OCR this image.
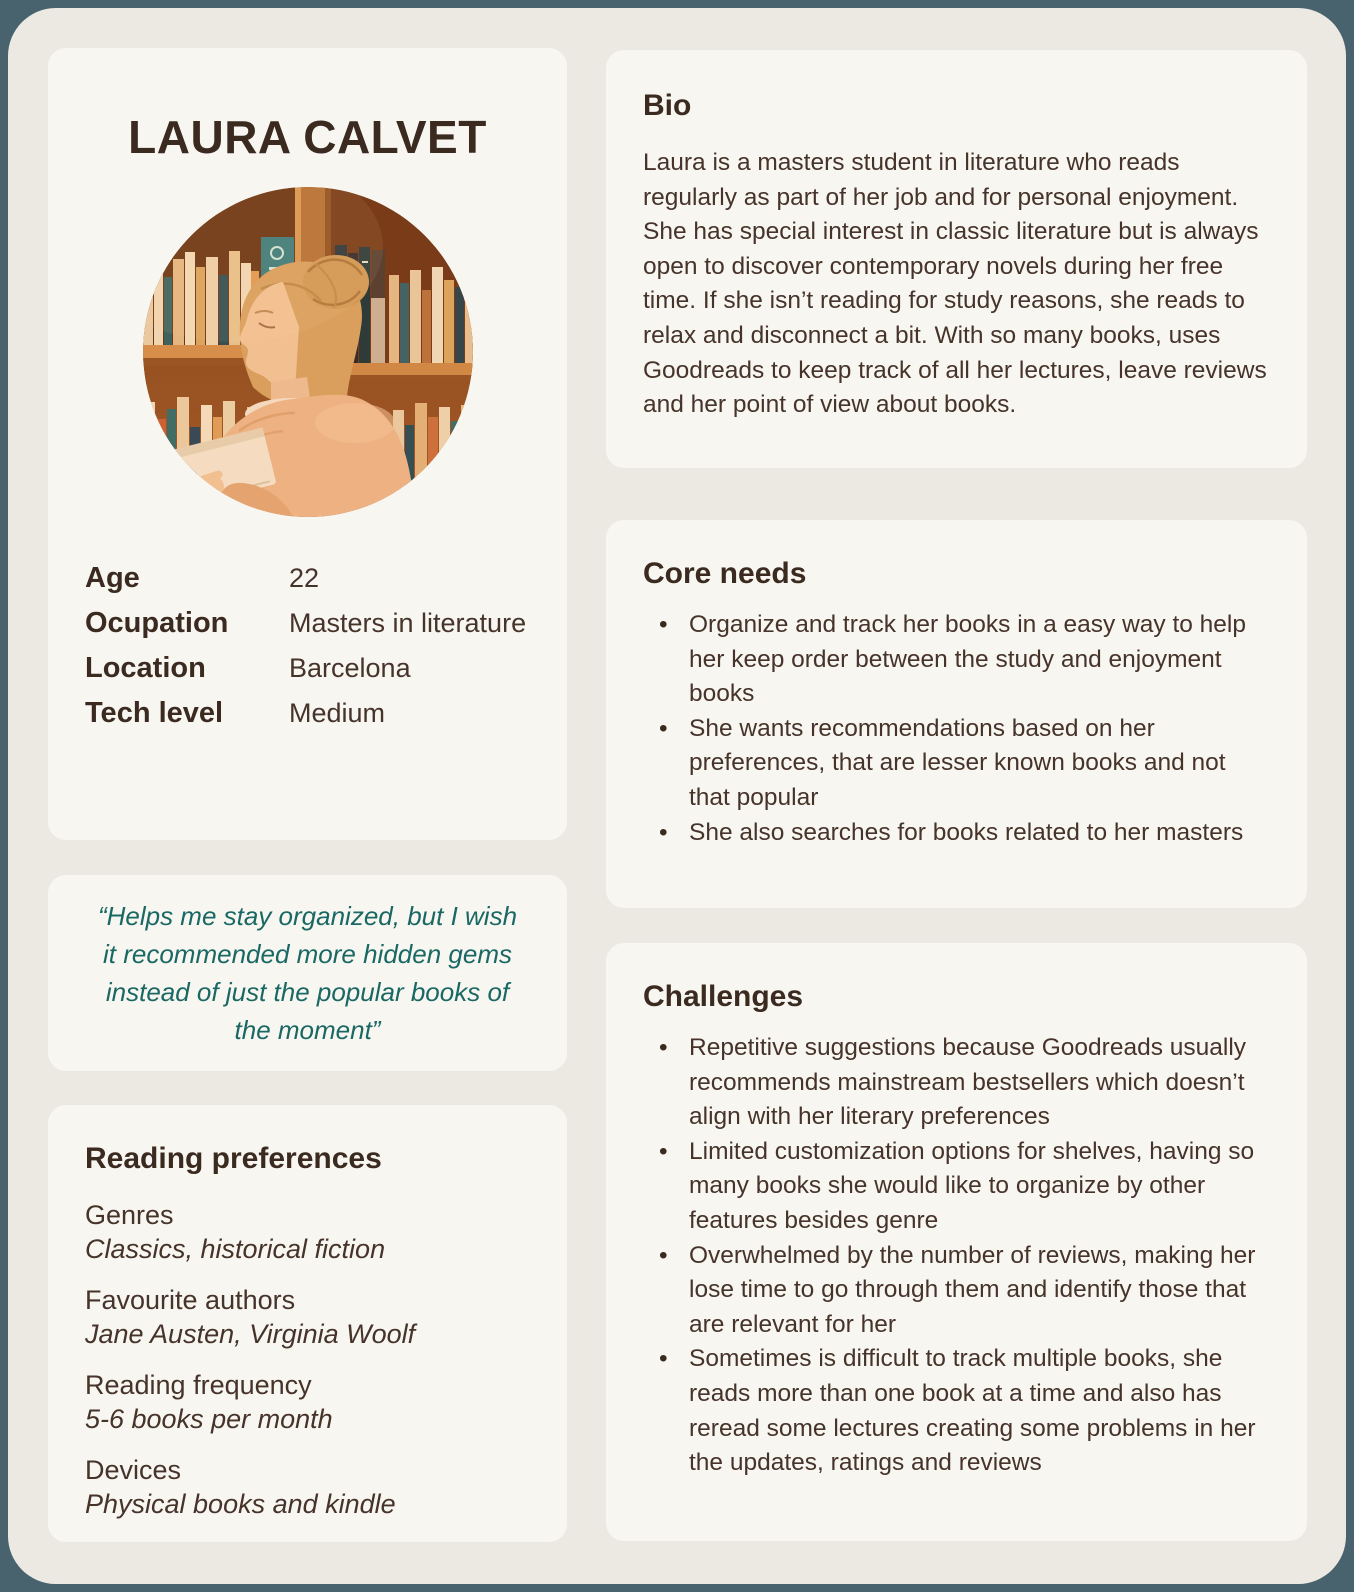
LAURA CALVET
Age	22
Ocupation	Masters in literature
Location	Barcelona
Tech level	Medium

“Helps me stay organized, but I wish it recommended more hidden gems instead of just the popular books of the moment”

Reading preferences
Genres
Classics, historical fiction
Favourite authors
Jane Austen, Virginia Woolf
Reading frequency
5-6 books per month
Devices
Physical books and kindle
Bio

Laura is a masters student in literature who reads regularly as part of her job and for personal enjoyment. She has special interest in classic literature but is always open to discover contemporary novels during her free time. If she isn’t reading for study reasons, she reads to relax and disconnect a bit. With so many books, uses Goodreads to keep track of all her lectures, leave reviews and her point of view about books.

Core needs
• Organize and track her books in a easy way to help her keep order between the study and enjoyment books
• She wants recommendations based on her preferences, that are lesser known books and not that popular
• She also searches for books related to her masters
Challenges
• Repetitive suggestions because Goodreads usually recommends mainstream bestsellers which doesn’t align with her literary preferences
• Limited customization options for shelves, having so many books she would like to organize by other features besides genre
• Overwhelmed by the number of reviews, making her lose time to go through them and identify those that are relevant for her
• Sometimes is difficult to track multiple books, she reads more than one book at a time and also has reread some lectures creating some problems in her the updates, ratings and reviews
